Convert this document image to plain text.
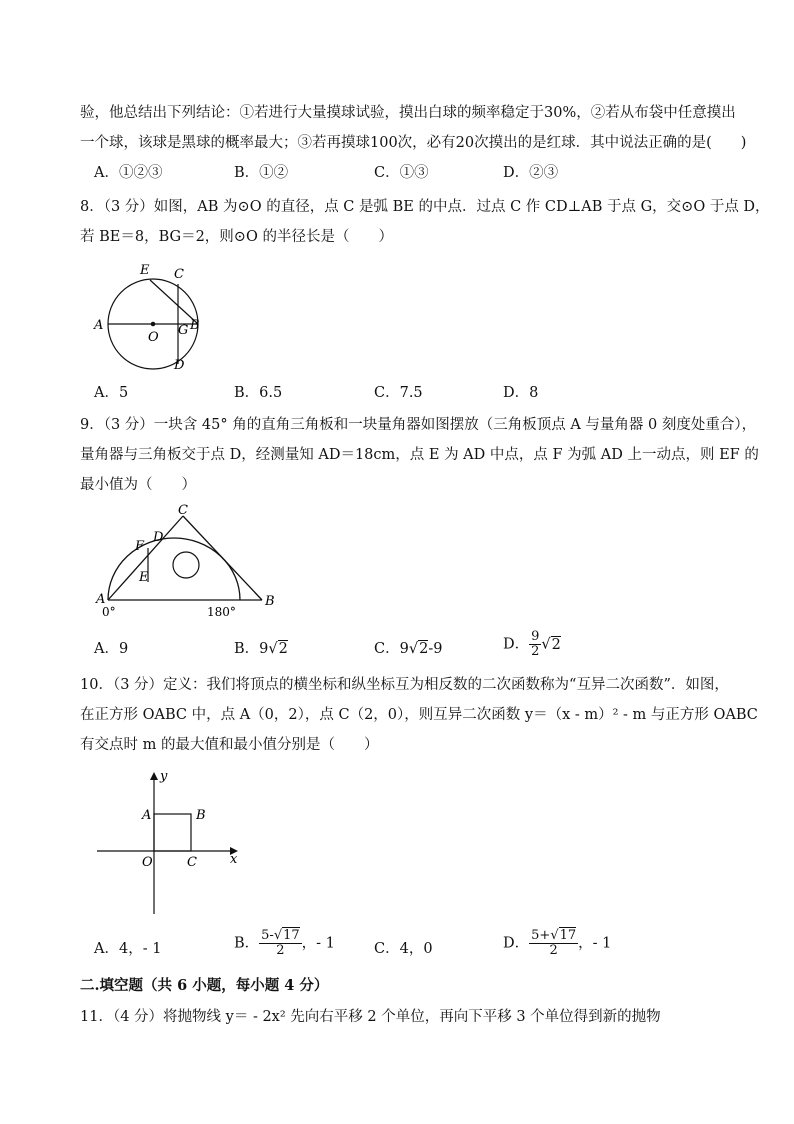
验，他总结出下列结论：①若进行大量摸球试验，摸出白球的频率稳定于30%，②若从布袋中任意摸出
一个球，该球是黑球的概率最大；③若再摸球100次，必有20次摸出的是红球．其中说法正确的是(　　)
A．①②③	B．①②	C．①③	D．②③
8．（3 分）如图，AB 为⊙O 的直径，点 C 是弧 BE 的中点．过点 C 作 CD⊥AB 于点 G，交⊙O 于点 D，
若 BE＝8，BG＝2，则⊙O 的半径长是（　　）
E C
A
O G B
D
A．5	B．6.5	C．7.5	D．8
9．（3 分）一块含 45° 角的直角三角板和一块量角器如图摆放（三角板顶点 A 与量角器 0 刻度处重合），
量角器与三角板交于点 D，经测量知 AD＝18cm，点 E 为 AD 中点，点 F 为弧 AD 上一动点，则 EF 的
最小值为（　　）
C
F
D
E
A	B
0°	180°
A．9	B．9√2	C．9√2-9	D． $\frac{9}{2} √2$
10．（3 分）定义：我们将顶点的横坐标和纵坐标互为相反数的二次函数称为“互异二次函数”．如图，
在正方形 OABC 中，点 A（0，2），点 C（2，0），则互异二次函数 y＝（x - m）² - m 与正方形 OABC
有交点时 m 的最大值和最小值分别是（　　）
y
A	B
O	C	x
A．4，- 1	B． $\frac{5-√17}{2}$ ，- 1	C．4，0	D． $\frac{5+√17}{2}$ ，- 1
二.填空题（共 6 小题，每小题 4 分）
11．（4 分）将抛物线 y＝ - 2x² 先向右平移 2 个单位，再向下平移 3 个单位得到新的抛物
